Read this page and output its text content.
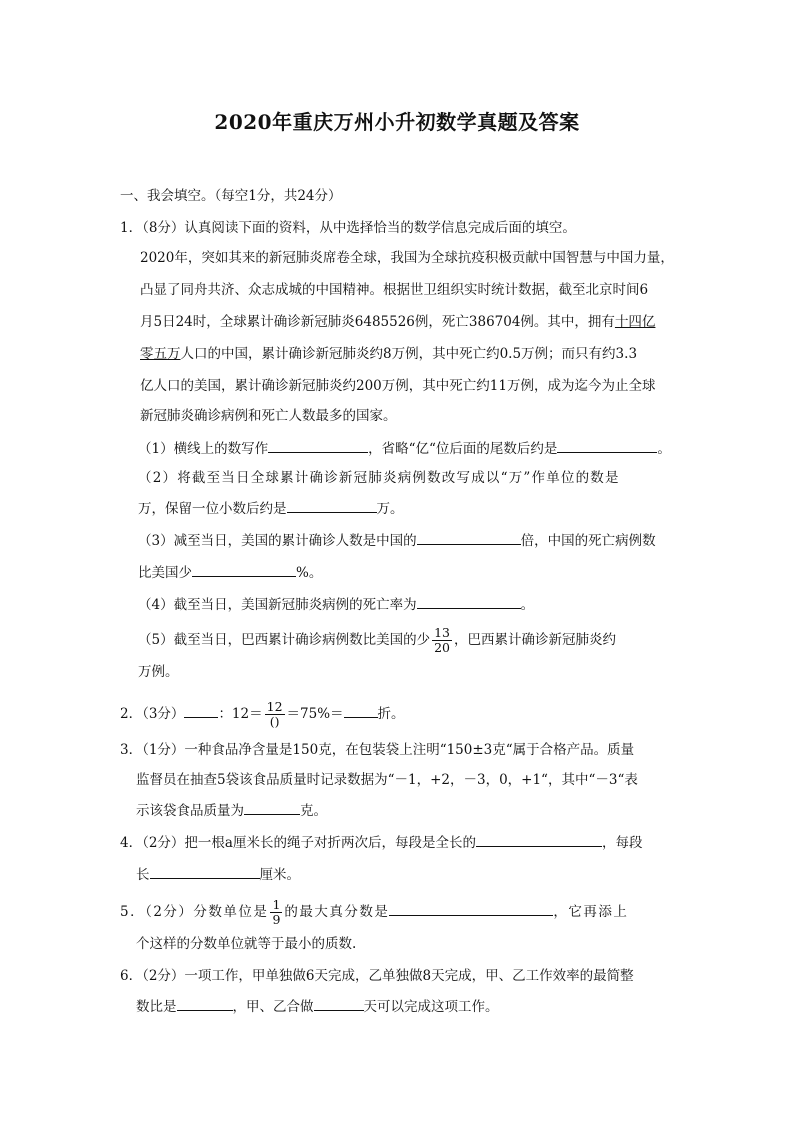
2020年重庆万州小升初数学真题及答案
一、我会填空。（每空1分，共24分）
1．（8分）认真阅读下面的资料，从中选择恰当的数学信息完成后面的填空。
2020年，突如其来的新冠肺炎席卷全球，我国为全球抗疫积极贡献中国智慧与中国力量，
凸显了同舟共济、众志成城的中国精神。根据世卫组织实时统计数据，截至北京时间6
月5日24时，全球累计确诊新冠肺炎6485526例，死亡386704例。其中，拥有十四亿
零五万人口的中国，累计确诊新冠肺炎约8万例，其中死亡约0.5万例；而只有约3.3
亿人口的美国，累计确诊新冠肺炎约200万例，其中死亡约11万例，成为迄今为止全球
新冠肺炎确诊病例和死亡人数最多的国家。
（1）横线上的数写作	，省略“亿“位后面的尾数后约是	。
（2）将截至当日全球累计确诊新冠肺炎病例数改写成以“万”作单位的数是
万，保留一位小数后约是	万。
（3）减至当日，美国的累计确诊人数是中国的	倍，中国的死亡病例数
比美国少	%。
（4）截至当日，美国新冠肺炎病例的死亡率为	。
（5）截至当日，巴西累计确诊病例数比美国的少 $\frac{13}{20}$ ，巴西累计确诊新冠肺炎约
万例。
2．（3分）	：$12= \frac{12}{()} =75\%=$	折。
3．（1分）一种食品净含量是150克，在包装袋上注明“150±3克“属于合格产品。质量
监督员在抽查5袋该食品质量时记录数据为“－1，+2，－3，0，+1“，其中“－3“表
示该袋食品质量为	克。
4．（2分）把一根a厘米长的绳子对折两次后，每段是全长的	，每段
长	厘米。
5．（2分）分数单位是 $\frac{1}{9}$ 的最大真分数是	，它再添上
个这样的分数单位就等于最小的质数.
6．（2分）一项工作，甲单独做6天完成，乙单独做8天完成，甲、乙工作效率的最简整
数比是	，甲、乙合做	天可以完成这项工作。
